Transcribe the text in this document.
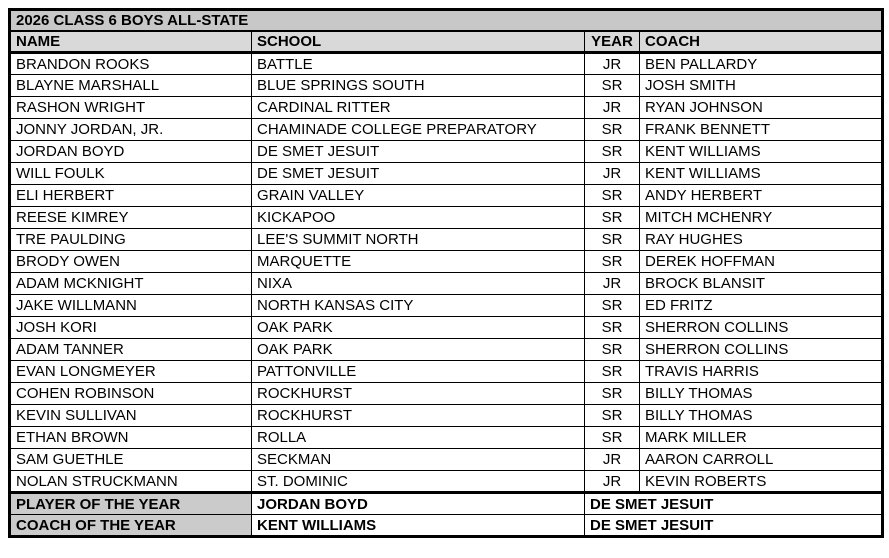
2026 CLASS 6 BOYS ALL-STATE			
NAME	SCHOOL	YEAR	COACH
BRANDON ROOKS	BATTLE	JR	BEN PALLARDY
BLAYNE MARSHALL	BLUE SPRINGS SOUTH	SR	JOSH SMITH
RASHON WRIGHT	CARDINAL RITTER	JR	RYAN JOHNSON
JONNY JORDAN, JR.	CHAMINADE COLLEGE PREPARATORY	SR	FRANK BENNETT
JORDAN BOYD	DE SMET JESUIT	SR	KENT WILLIAMS
WILL FOULK	DE SMET JESUIT	JR	KENT WILLIAMS
ELI HERBERT	GRAIN VALLEY	SR	ANDY HERBERT
REESE KIMREY	KICKAPOO	SR	MITCH MCHENRY
TRE PAULDING	LEE'S SUMMIT NORTH	SR	RAY HUGHES
BRODY OWEN	MARQUETTE	SR	DEREK HOFFMAN
ADAM MCKNIGHT	NIXA	JR	BROCK BLANSIT
JAKE WILLMANN	NORTH KANSAS CITY	SR	ED FRITZ
JOSH KORI	OAK PARK	SR	SHERRON COLLINS
ADAM TANNER	OAK PARK	SR	SHERRON COLLINS
EVAN LONGMEYER	PATTONVILLE	SR	TRAVIS HARRIS
COHEN ROBINSON	ROCKHURST	SR	BILLY THOMAS
KEVIN SULLIVAN	ROCKHURST	SR	BILLY THOMAS
ETHAN BROWN	ROLLA	SR	MARK MILLER
SAM GUETHLE	SECKMAN	JR	AARON CARROLL
NOLAN STRUCKMANN	ST. DOMINIC	JR	KEVIN ROBERTS
PLAYER OF THE YEAR	JORDAN BOYD	DE SMET JESUIT	
COACH OF THE YEAR	KENT WILLIAMS	DE SMET JESUIT	
